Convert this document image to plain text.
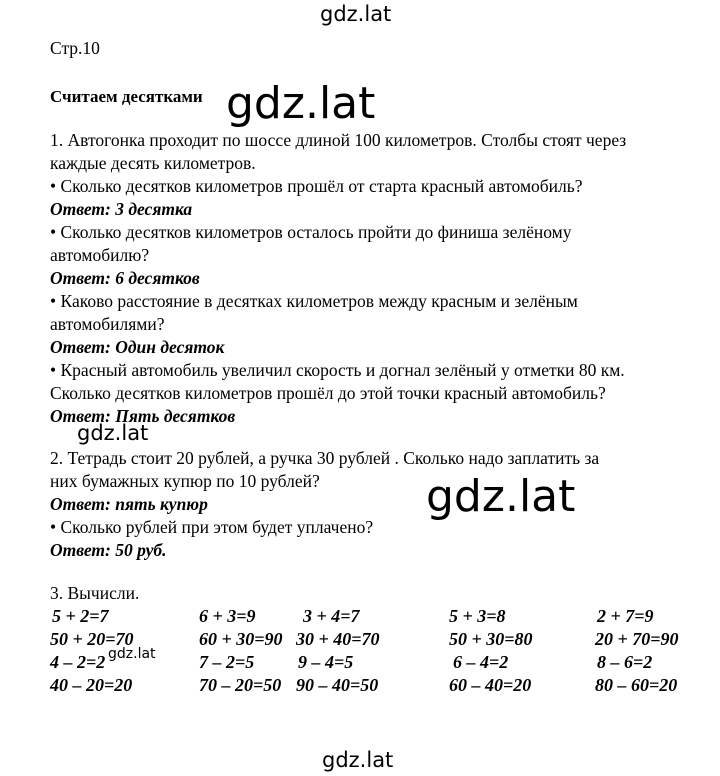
gdz.lat
gdz.lat
gdz.lat
gdz.lat
gdz.lat
gdz.lat
Стр.10
Считаем десятками
1. Автогонка проходит по шоссе длиной 100 километров. Столбы стоят через
каждые десять километров.
• Сколько десятков километров прошёл от старта красный автомобиль?
Ответ: 3 десятка
• Сколько десятков километров осталось пройти до финиша зелёному
автомобилю?
Ответ: 6 десятков
• Каково расстояние в десятках километров между красным и зелёным
автомобилями?
Ответ: Один десяток
• Красный автомобиль увеличил скорость и догнал зелёный у отметки 80 км.
Сколько десятков километров прошёл до этой точки красный автомобиль?
Ответ: Пять десятков
2. Тетрадь стоит 20 рублей, а ручка 30 рублей . Сколько надо заплатить за
них бумажных купюр по 10 рублей?
Ответ: пять купюр
• Сколько рублей при этом будет уплачено?
Ответ: 50 руб.
3. Вычисли.
5 + 2=7	6 + 3=9	3 + 4=7	5 + 3=8	2 + 7=9
50 + 20=70	60 + 30=90 30 + 40=70	50 + 30=80	20 + 70=90
4 – 2=2	7 – 2=5 9 – 4=5	6 – 4=2	8 – 6=2
40 – 20=20	70 – 20=50 90 – 40=50	60 – 40=20	80 – 60=20
